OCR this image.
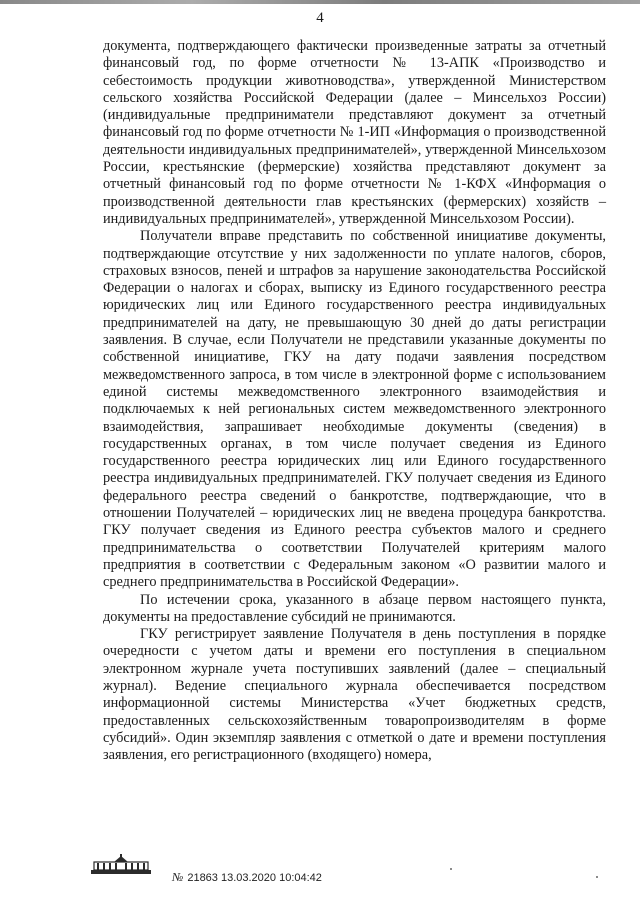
4

документа, подтверждающего фактически произведенные затраты за отчетный финансовый год, по форме отчетности № 13-АПК «Производство и себестоимость продукции животноводства», утвержденной Министерством сельского хозяйства Российской Федерации (далее – Минсельхоз России) (индивидуальные предприниматели представляют документ за отчетный финансовый год по форме отчетности № 1-ИП «Информация о производственной деятельности индивидуальных предпринимателей», утвержденной Минсельхозом России, крестьянские (фермерские) хозяйства представляют документ за отчетный финансовый год по форме отчетности № 1-КФХ «Информация о производственной деятельности глав крестьянских (фермерских) хозяйств – индивидуальных предпринимателей», утвержденной Минсельхозом России).

Получатели вправе представить по собственной инициативе документы, подтверждающие отсутствие у них задолженности по уплате налогов, сборов, страховых взносов, пеней и штрафов за нарушение законодательства Российской Федерации о налогах и сборах, выписку из Единого государственного реестра юридических лиц или Единого государственного реестра индивидуальных предпринимателей на дату, не превышающую 30 дней до даты регистрации заявления. В случае, если Получатели не представили указанные документы по собственной инициативе, ГКУ на дату подачи заявления посредством межведомственного запроса, в том числе в электронной форме с использованием единой системы межведомственного электронного взаимодействия и подключаемых к ней региональных систем межведомственного электронного взаимодействия, запрашивает необходимые документы (сведения) в государственных органах, в том числе получает сведения из Единого государственного реестра юридических лиц или Единого государственного реестра индивидуальных предпринимателей. ГКУ получает сведения из Единого федерального реестра сведений о банкротстве, подтверждающие, что в отношении Получателей – юридических лиц не введена процедура банкротства. ГКУ получает сведения из Единого реестра субъектов малого и среднего предпринимательства о соответствии Получателей критериям малого предприятия в соответствии с Федеральным законом «О развитии малого и среднего предпринимательства в Российской Федерации».

По истечении срока, указанного в абзаце первом настоящего пункта, документы на предоставление субсидий не принимаются.

ГКУ регистрирует заявление Получателя в день поступления в порядке очередности с учетом даты и времени его поступления в специальном электронном журнале учета поступивших заявлений (далее – специальный журнал). Ведение специального журнала обеспечивается посредством информационной системы Министерства «Учет бюджетных средств, предоставленных сельскохозяйственным товаропроизводителям в форме субсидий». Один экземпляр заявления с отметкой о дате и времени поступления заявления, его регистрационного (входящего) номера,

№ 21863 13.03.2020 10:04:42
